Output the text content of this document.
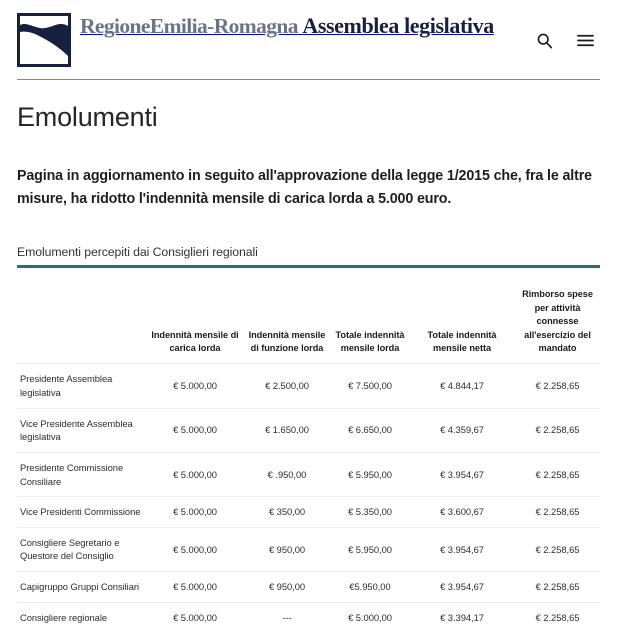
RegioneEmilia-Romagna Assemblea legislativa
Emolumenti

Pagina in aggiornamento in seguito all'approvazione della legge 1/2015 che, fra le altre misure, ha ridotto l'indennità mensile di carica lorda a 5.000 euro.

Emolumenti percepiti dai Consiglieri regionali
	Indennità mensile di carica lorda	Indennità mensile di funzione lorda	Totale indennità mensile lorda	Totale indennità mensile netta	Rimborso spese per attività connesse all'esercizio del mandato
Presidente Assemblea legislativa	€ 5.000,00	€ 2.500,00	€ 7.500,00	€ 4.844,17	€ 2.258,65
Vice Presidente Assemblea legislativa	€ 5.000,00	€ 1.650,00	€ 6.650,00	€ 4.359,67	€ 2.258,65
Presidente Commissione Consiliare	€ 5.000,00	€ .950,00	€ 5.950,00	€ 3.954,67	€ 2.258,65
Vice Presidenti Commissione	€ 5.000,00	€ 350,00	€ 5.350,00	€ 3.600,67	€ 2.258,65
Consigliere Segretario e Questore del Consiglio	€ 5.000,00	€ 950,00	€ 5.950,00	€ 3.954,67	€ 2.258,65
Capigruppo Gruppi Consiliari	€ 5.000,00	€ 950,00	€5.950,00	€ 3.954,67	€ 2.258,65
Consigliere regionale	€ 5.000,00	---	€ 5.000,00	€ 3.394,17	€ 2.258,65
